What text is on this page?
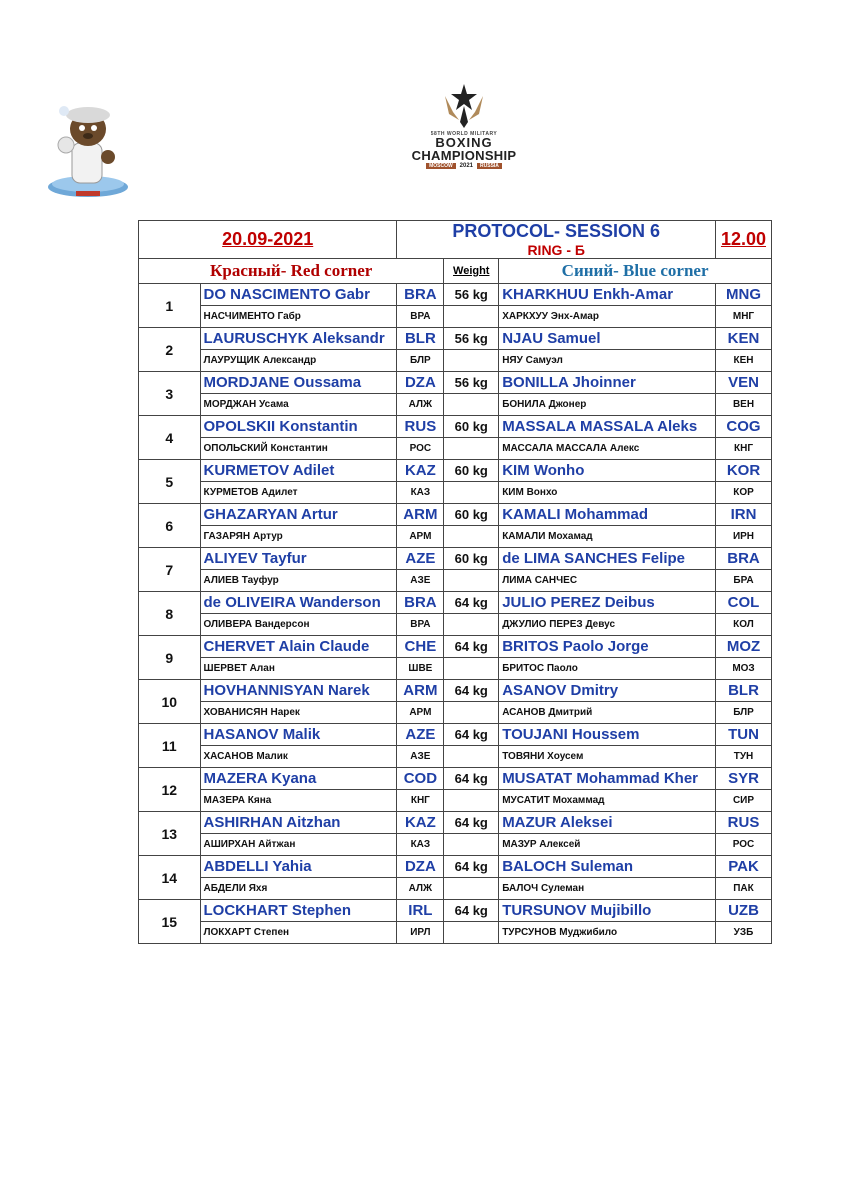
58TH WORLD MILITARY
BOXING
CHAMPIONSHIP
MOSCOW	2021	RUSSIA
20.09-2021		PROTOCOL- SESSION 6
RING - Б			12.00
Красный- Red corner			Weight	Синий- Blue corner	
1	DO NASCIMENTO Gabr	BRA	56 kg	KHARKHUU Enkh-Amar	MNG
	НАСЧИМЕНТО Габр	ВРА		ХАРКХУУ Энх-Амар	МНГ
2	LAURUSCHYK Aleksandr	BLR	56 kg	NJAU Samuel	KEN
	ЛАУРУЩИК Александр	БЛР		НЯУ Самуэл	КЕН
3	MORDJANE Oussama	DZA	56 kg	BONILLA Jhoinner	VEN
	МОРДЖАН Усама	АЛЖ		БОНИЛА Джонер	ВЕН
4	OPOLSKII Konstantin	RUS	60 kg	MASSALA MASSALA Aleks	COG
	ОПОЛЬСКИЙ Константин	РОС		МАССАЛА МАССАЛА Алекс	КНГ
5	KURMETOV Adilet	KAZ	60 kg	KIM Wonho	KOR
	КУРМЕТОВ Адилет	КАЗ		КИМ Вонхо	КОР
6	GHAZARYAN Artur	ARM	60 kg	KAMALI Mohammad	IRN
	ГАЗАРЯН Артур	АРМ		КАМАЛИ Мохамад	ИРН
7	ALIYEV Tayfur	AZE	60 kg	de LIMA SANCHES Felipe	BRA
	АЛИЕВ Тауфур	АЗЕ		ЛИМА САНЧЕС	БРА
8	de OLIVEIRA Wanderson	BRA	64 kg	JULIO PEREZ Deibus	COL
	ОЛИВЕРА Вандерсон	ВРА		ДЖУЛИО ПЕРЕЗ Девус	КОЛ
9	CHERVET Alain Claude	CHE	64 kg	BRITOS Paolo Jorge	MOZ
	ШЕРВЕТ Алан	ШВЕ		БРИТОС Паоло	МОЗ
10	HOVHANNISYAN Narek	ARM	64 kg	ASANOV Dmitry	BLR
	ХОВАНИСЯН Нарек	АРМ		АСАНОВ Дмитрий	БЛР
11	HASANOV Malik	AZE	64 kg	TOUJANI Houssem	TUN
	ХАСАНОВ Малик	АЗЕ		ТОВЯНИ Хоусем	ТУН
12	MAZERA Kyana	COD	64 kg	MUSATAT Mohammad Kher	SYR
	МАЗЕРА Кяна	КНГ		МУСАТИТ Мохаммад	СИР
13	ASHIRHAN Aitzhan	KAZ	64 kg	MAZUR Aleksei	RUS
	АШИРХАН Айтжан	КАЗ		МАЗУР Алексей	РОС
14	ABDELLI Yahia	DZA	64 kg	BALOCH Suleman	PAK
	АБДЕЛИ Яхя	АЛЖ		БАЛОЧ Сулеман	ПАК
15	LOCKHART Stephen	IRL	64 kg	TURSUNOV Mujibillo	UZB
	ЛОКХАРТ Степен	ИРЛ		ТУРСУНОВ Муджибило	УЗБ
